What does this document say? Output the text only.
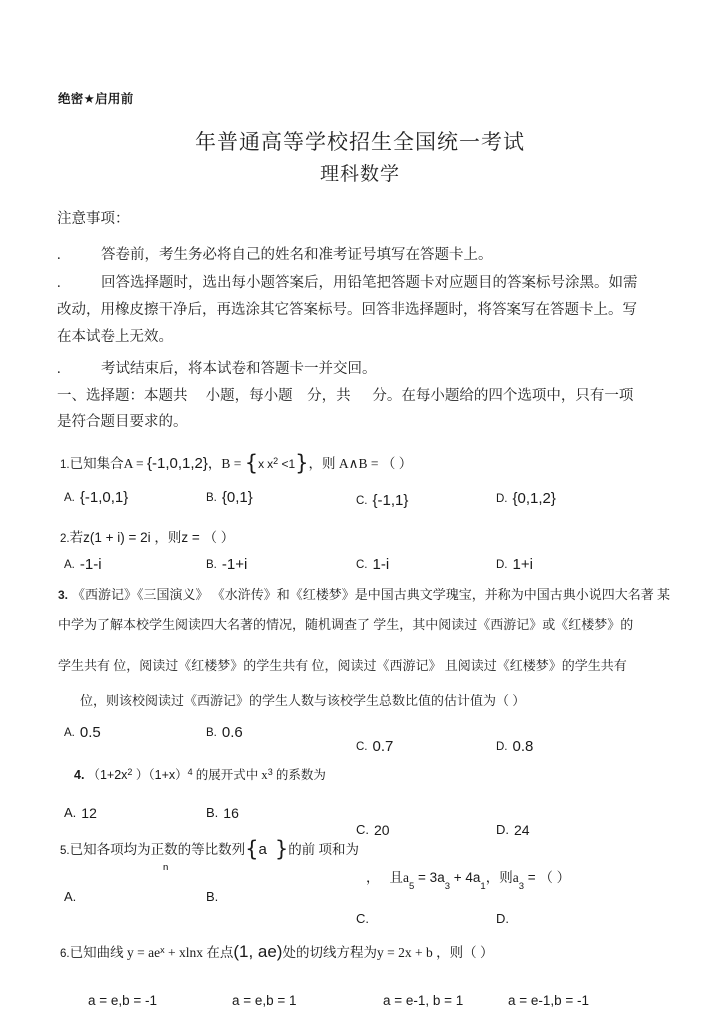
绝密★启用前
年普通高等学校招生全国统一考试
理科数学
注意事项：
.	答卷前，考生务必将自己的姓名和准考证号填写在答题卡上。
.	回答选择题时，选出每小题答案后，用铅笔把答题卡对应题目的答案标号涂黑。如需
改动，用橡皮擦干净后，再选涂其它答案标号。回答非选择题时，将答案写在答题卡上。写
在本试卷上无效。
.	考试结束后，将本试卷和答题卡一并交回。
一、选择题：本题共     小题，每小题    分，共      分。在每小题给的四个选项中，只有一项
是符合题目要求的。
1.已知集合A = {-1,0,1,2}，B = {x $x^2 <1$}，则 A∧B = （ ）
A. {-1,0,1}	B. {0,1}	C. {-1,1}	D. {0,1,2}
2.若z(1 + i) = 2i ，则z = （ ）
A. -1-i	B. -1+i	C. 1-i	D. 1+i
3. 《西游记》《三国演义》 《水浒传》和《红楼梦》是中国古典文学瑰宝，并称为中国古典小说四大名著 某
中学为了解本校学生阅读四大名著的情况，随机调查了 学生，其中阅读过《西游记》或《红楼梦》的
学生共有 位，阅读过《红楼梦》的学生共有 位，阅读过《西游记》 且阅读过《红楼梦》的学生共有
位，则该校阅读过《西游记》的学生人数与该校学生总数比值的估计值为（ ）
A. 0.5	B. 0.6
C. 0.7	D. 0.8
4. （$1+2x^2$ ）$(1+x)^4$ 的展开式中 $x^3$ 的系数为
A. 12	B. 16
C. 20	D. 24
5.已知各项均为正数的等比数列{a }的前 项和为
n
， 且$a_5 = 3a_3 + 4a_1$，则$a_3$ = （ ）
A.	B.
C.	D.
6.已知曲线 $y = ae^x + xlnx$ 在点(1, ae)处的切线方程为y = 2x + b ，则（ ）
a = e,b = -1	a = e,b = 1	a = e-1, b = 1	a = e-1,b = -1
